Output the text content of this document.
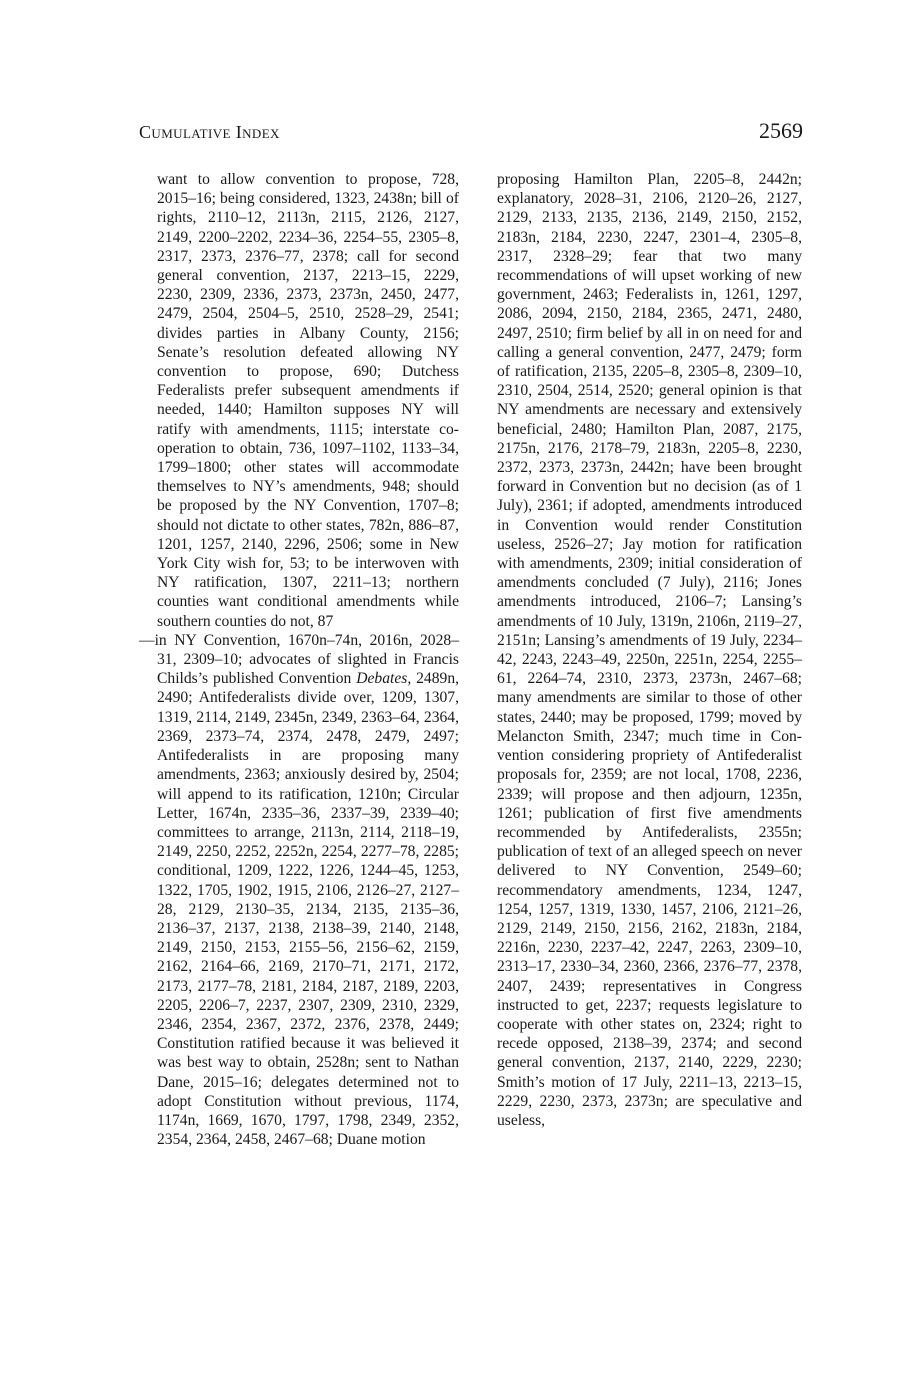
Cumulative Index	2569

want to allow convention to propose, 728, 2015–16; being considered, 1323, 2438n; bill of rights, 2110–12, 2113n, 2115, 2126, 2127, 2149, 2200–2202, 2234–36, 2254–55, 2305–8, 2317, 2373, 2376–77, 2378; call for second general convention, 2137, 2213–15, 2229, 2230, 2309, 2336, 2373, 2373n, 2450, 2477, 2479, 2504, 2504–5, 2510, 2528–29, 2541; divides parties in Albany County, 2156; Senate’s resolution defeated allowing NY convention to propose, 690; Dutchess Federalists prefer subsequent amendments if needed, 1440; Hamilton supposes NY will ratify with amendments, 1115; interstate cooperation to obtain, 736, 1097–1102, 1133–34, 1799–1800; other states will accommodate themselves to NY’s amendments, 948; should be proposed by the NY Convention, 1707–8; should not dictate to other states, 782n, 886–87, 1201, 1257, 2140, 2296, 2506; some in New York City wish for, 53; to be interwoven with NY ratification, 1307, 2211–13; northern counties want conditional amendments while southern counties do not, 87

—in NY Convention, 1670n–74n, 2016n, 2028–31, 2309–10; advocates of slighted in Francis Childs’s published Convention Debates, 2489n, 2490; Antifederalists divide over, 1209, 1307, 1319, 2114, 2149, 2345n, 2349, 2363–64, 2364, 2369, 2373–74, 2374, 2478, 2479, 2497; Antifederalists in are proposing many amendments, 2363; anxiously desired by, 2504; will append to its ratification, 1210n; Circular Letter, 1674n, 2335–36, 2337–39, 2339–40; committees to arrange, 2113n, 2114, 2118–19, 2149, 2250, 2252, 2252n, 2254, 2277–78, 2285; conditional, 1209, 1222, 1226, 1244–45, 1253, 1322, 1705, 1902, 1915, 2106, 2126–27, 2127–28, 2129, 2130–35, 2134, 2135, 2135–36, 2136–37, 2137, 2138, 2138–39, 2140, 2148, 2149, 2150, 2153, 2155–56, 2156–62, 2159, 2162, 2164–66, 2169, 2170–71, 2171, 2172, 2173, 2177–78, 2181, 2184, 2187, 2189, 2203, 2205, 2206–7, 2237, 2307, 2309, 2310, 2329, 2346, 2354, 2367, 2372, 2376, 2378, 2449; Constitution ratified because it was believed it was best way to obtain, 2528n; sent to Nathan Dane, 2015–16; delegates determined not to adopt Constitution without previous, 1174, 1174n, 1669, 1670, 1797, 1798, 2349, 2352, 2354, 2364, 2458, 2467–68; Duane motion

proposing Hamilton Plan, 2205–8, 2442n; explanatory, 2028–31, 2106, 2120–26, 2127, 2129, 2133, 2135, 2136, 2149, 2150, 2152, 2183n, 2184, 2230, 2247, 2301–4, 2305–8, 2317, 2328–29; fear that two many recommendations of will upset working of new government, 2463; Federalists in, 1261, 1297, 2086, 2094, 2150, 2184, 2365, 2471, 2480, 2497, 2510; firm belief by all in on need for and calling a general convention, 2477, 2479; form of ratification, 2135, 2205–8, 2305–8, 2309–10, 2310, 2504, 2514, 2520; general opinion is that NY amendments are necessary and extensively beneficial, 2480; Hamilton Plan, 2087, 2175, 2175n, 2176, 2178–79, 2183n, 2205–8, 2230, 2372, 2373, 2373n, 2442n; have been brought forward in Convention but no decision (as of 1 July), 2361; if adopted, amendments introduced in Convention would render Constitution useless, 2526–27; Jay motion for ratification with amendments, 2309; initial consideration of amendments concluded (7 July), 2116; Jones amendments introduced, 2106–7; Lansing’s amendments of 10 July, 1319n, 2106n, 2119–27, 2151n; Lansing’s amendments of 19 July, 2234–42, 2243, 2243–49, 2250n, 2251n, 2254, 2255–61, 2264–74, 2310, 2373, 2373n, 2467–68; many amendments are similar to those of other states, 2440; may be proposed, 1799; moved by Melancton Smith, 2347; much time in Convention considering propriety of Antifederalist proposals for, 2359; are not local, 1708, 2236, 2339; will propose and then adjourn, 1235n, 1261; publication of first five amendments recommended by Antifederalists, 2355n; publication of text of an alleged speech on never delivered to NY Convention, 2549–60; recommendatory amendments, 1234, 1247, 1254, 1257, 1319, 1330, 1457, 2106, 2121–26, 2129, 2149, 2150, 2156, 2162, 2183n, 2184, 2216n, 2230, 2237–42, 2247, 2263, 2309–10, 2313–17, 2330–34, 2360, 2366, 2376–77, 2378, 2407, 2439; representatives in Congress instructed to get, 2237; requests legislature to cooperate with other states on, 2324; right to recede opposed, 2138–39, 2374; and second general convention, 2137, 2140, 2229, 2230; Smith’s motion of 17 July, 2211–13, 2213–15, 2229, 2230, 2373, 2373n; are speculative and useless,
